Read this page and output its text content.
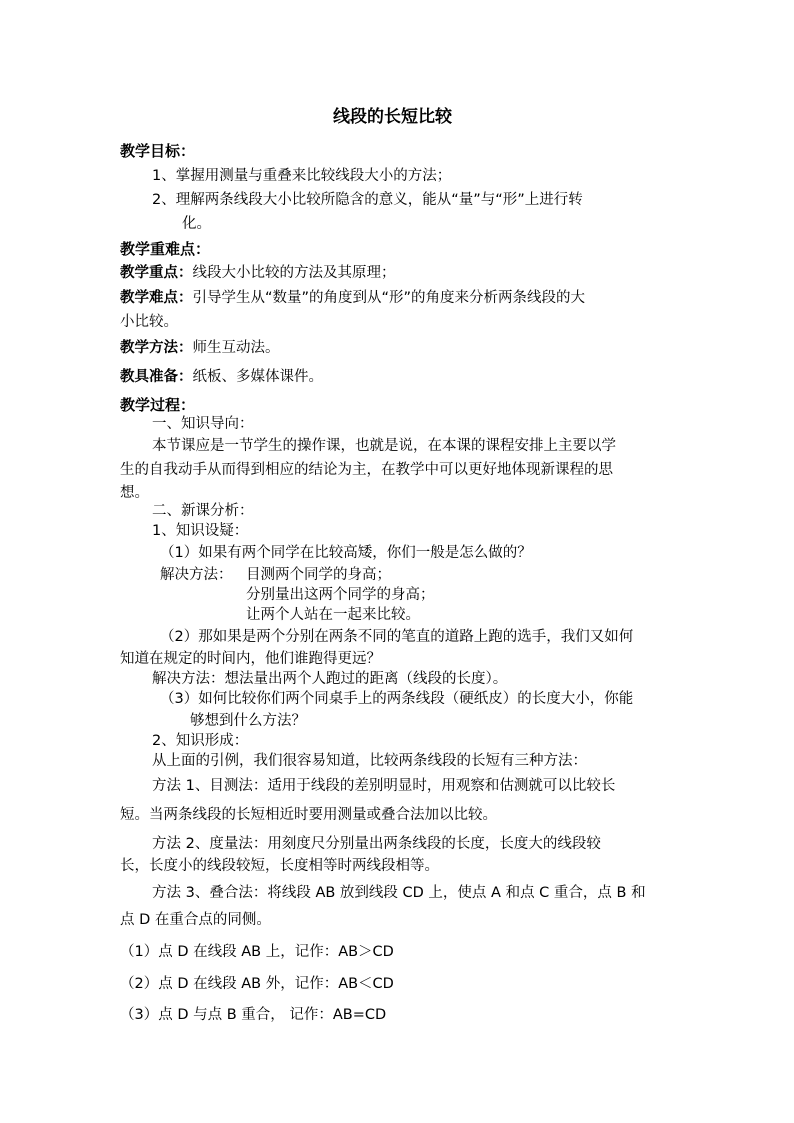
线段的长短比较
教学目标：
1、掌握用测量与重叠来比较线段大小的方法；
2、理解两条线段大小比较所隐含的意义，能从“量”与“形”上进行转
化。
教学重难点：
教学重点：线段大小比较的方法及其原理；
教学难点：引导学生从“数量”的角度到从“形”的角度来分析两条线段的大
小比较。
教学方法：师生互动法。
教具准备：纸板、多媒体课件。
教学过程：
一、知识导向：
本节课应是一节学生的操作课，也就是说，在本课的课程安排上主要以学
生的自我动手从而得到相应的结论为主，在教学中可以更好地体现新课程的思
想。
二、新课分析：
1、知识设疑：
（1）如果有两个同学在比较高矮，你们一般是怎么做的？
解决方法： 目测两个同学的身高；
分别量出这两个同学的身高；
让两个人站在一起来比较。
（2）那如果是两个分别在两条不同的笔直的道路上跑的选手，我们又如何
知道在规定的时间内，他们谁跑得更远？
解决方法：想法量出两个人跑过的距离（线段的长度）。
（3）如何比较你们两个同桌手上的两条线段（硬纸皮）的长度大小，你能
够想到什么方法？
2、知识形成：
从上面的引例，我们很容易知道，比较两条线段的长短有三种方法：
方法 1、目测法：适用于线段的差别明显时，用观察和估测就可以比较长
短。当两条线段的长短相近时要用测量或叠合法加以比较。
方法 2、度量法：用刻度尺分别量出两条线段的长度，长度大的线段较
长，长度小的线段较短，长度相等时两线段相等。
方法 3、叠合法：将线段 AB 放到线段 CD 上，使点 A 和点 C 重合，点 B 和
点 D 在重合点的同侧。
（1）点 D 在线段 AB 上，记作：AB＞CD
（2）点 D 在线段 AB 外，记作：AB＜CD
（3）点 D 与点 B 重合， 记作：AB=CD
